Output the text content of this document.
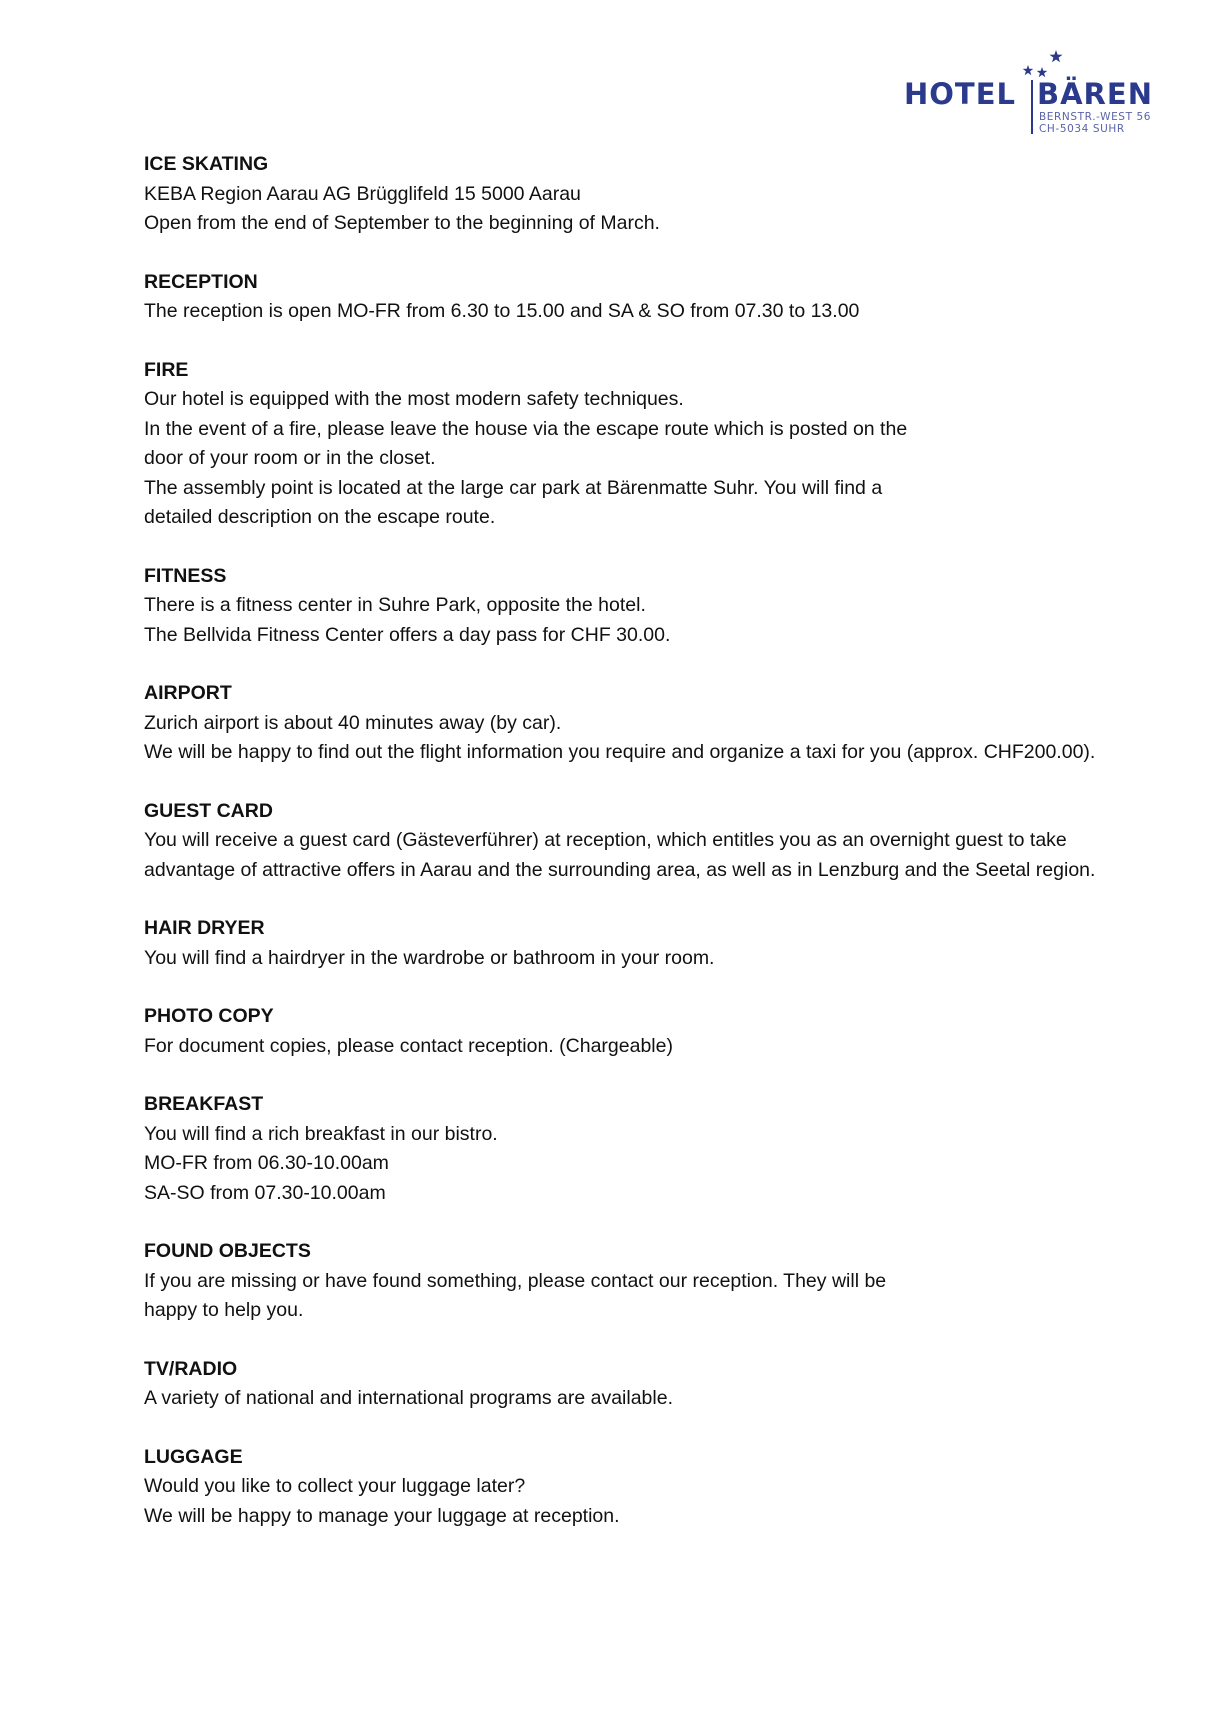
HOTEL BÄREN
BERNSTR.-WEST 56
CH-5034 SUHR
ICE SKATING

KEBA Region Aarau AG Brügglifeld 15 5000 Aarau

Open from the end of September to the beginning of March.

RECEPTION

The reception is open MO-FR from 6.30 to 15.00 and SA & SO from 07.30 to 13.00

FIRE

Our hotel is equipped with the most modern safety techniques.

In the event of a fire, please leave the house via the escape route which is posted on the

door of your room or in the closet.

The assembly point is located at the large car park at Bärenmatte Suhr. You will find a

detailed description on the escape route.

FITNESS

There is a fitness center in Suhre Park, opposite the hotel.

The Bellvida Fitness Center offers a day pass for CHF 30.00.

AIRPORT

Zurich airport is about 40 minutes away (by car).

We will be happy to find out the flight information you require and organize a taxi for you (approx. CHF200.00).

GUEST CARD

You will receive a guest card (Gästeverführer) at reception, which entitles you as an overnight guest to take

advantage of attractive offers in Aarau and the surrounding area, as well as in Lenzburg and the Seetal region.

HAIR DRYER

You will find a hairdryer in the wardrobe or bathroom in your room.

PHOTO COPY

For document copies, please contact reception. (Chargeable)

BREAKFAST

You will find a rich breakfast in our bistro.

MO-FR from 06.30-10.00am

SA-SO from 07.30-10.00am

FOUND OBJECTS

If you are missing or have found something, please contact our reception. They will be

happy to help you.

TV/RADIO

A variety of national and international programs are available.

LUGGAGE

Would you like to collect your luggage later?

We will be happy to manage your luggage at reception.
